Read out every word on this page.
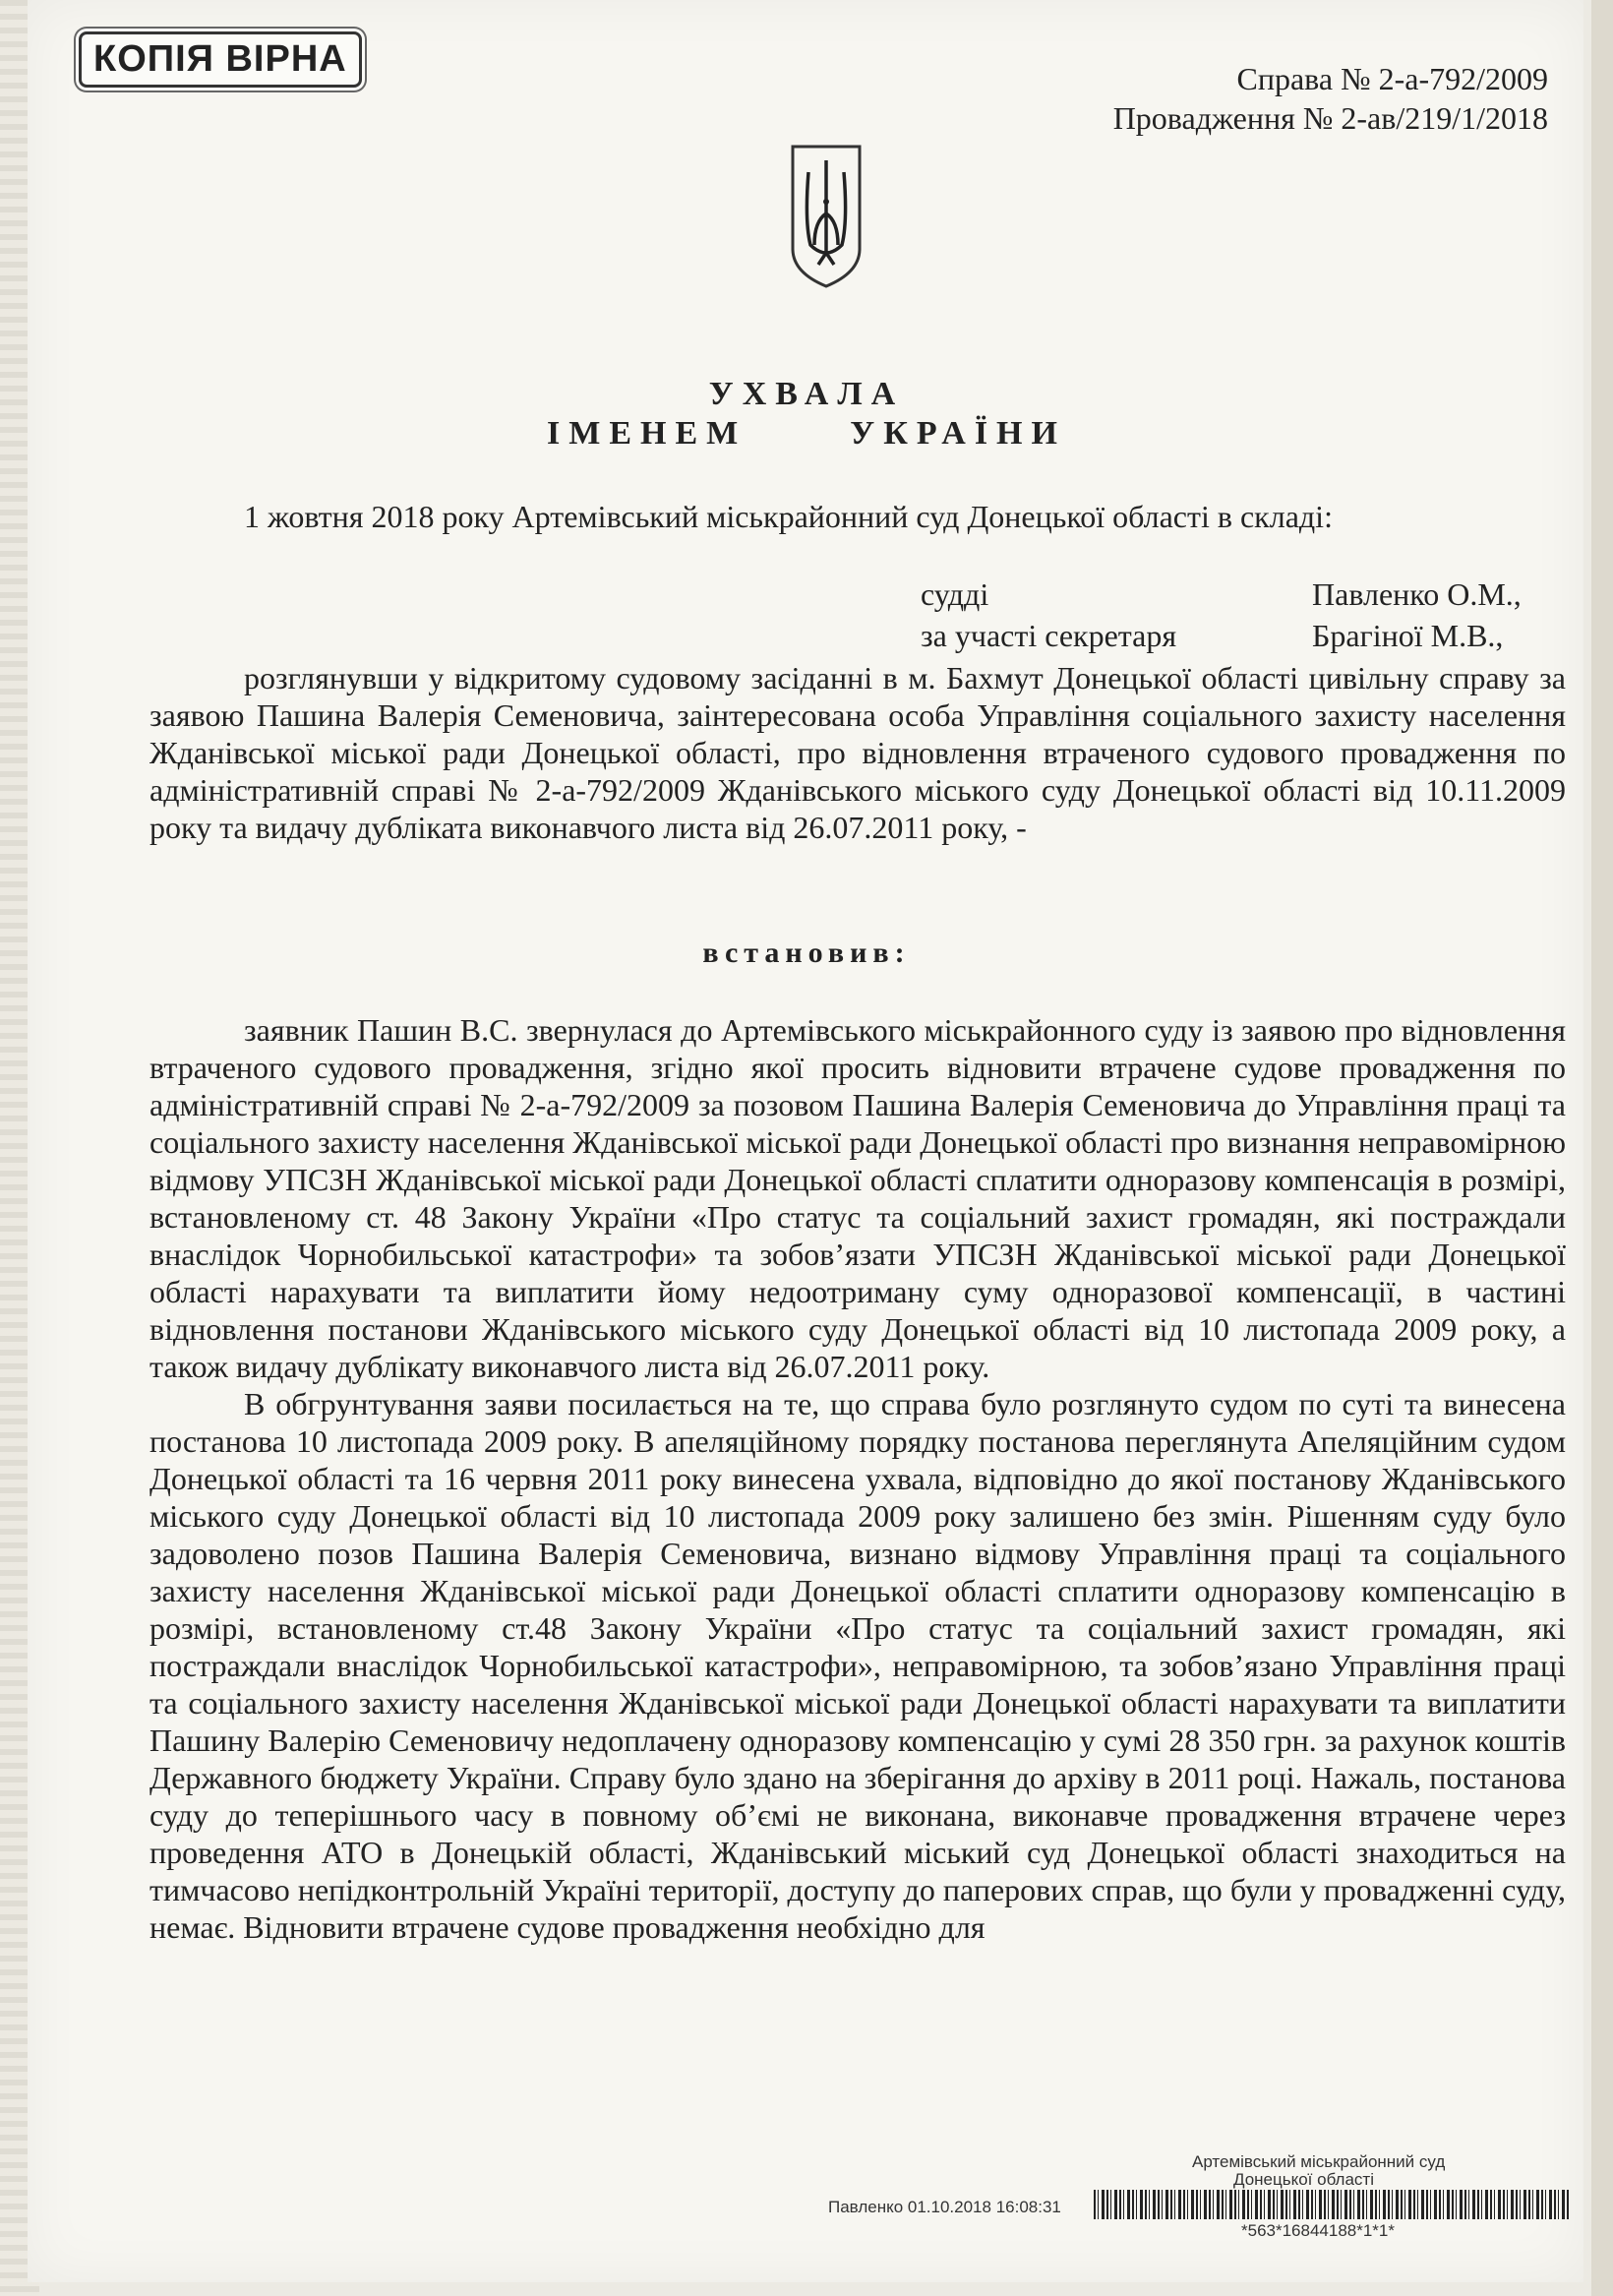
КОПІЯ ВІРНА	Справа № 2-а-792/2009
Провадження № 2-ав/219/1/2018
УХВАЛА
ІМЕНЕМ      УКРАЇНИ

1 жовтня 2018 року Артемівський міськрайонний суд Донецької області в складі:

судді	Павленко О.М.,
за участі секретаря	Брагіної М.В.,

розглянувши у відкритому судовому засіданні в м. Бахмут Донецької області цивільну справу за заявою Пашина Валерія Семеновича, заінтересована особа Управління соціального захисту населення Жданівської міської ради Донецької області, про відновлення втраченого судового провадження по адміністративній справі № 2-а-792/2009 Жданівського міського суду Донецької області від 10.11.2009 року та видачу дубліката виконавчого листа від 26.07.2011 року, -

встановив:

заявник Пашин В.С. звернулася до Артемівського міськрайонного суду із заявою про відновлення втраченого судового провадження, згідно якої просить відновити втрачене судове провадження по адміністративній справі № 2-а-792/2009 за позовом Пашина Валерія Семеновича до Управління праці та соціального захисту населення Жданівської міської ради Донецької області про визнання неправомірною відмову УПСЗН Жданівської міської ради Донецької області сплатити одноразову компенсація в розмірі, встановленому ст. 48 Закону України «Про статус та соціальний захист громадян, які постраждали внаслідок Чорнобильської катастрофи» та зобов’язати УПСЗН Жданівської міської ради Донецької області нарахувати та виплатити йому недоотриману суму одноразової компенсації, в частині відновлення постанови Жданівського міського суду Донецької області від 10 листопада 2009 року, а також видачу дублікату виконавчого листа від 26.07.2011 року.

В обгрунтування заяви посилається на те, що справа було розглянуто судом по суті та винесена постанова 10 листопада 2009 року. В апеляційному порядку постанова переглянута Апеляційним судом Донецької області та 16 червня 2011 року винесена ухвала, відповідно до якої постанову Жданівського міського суду Донецької області від 10 листопада 2009 року залишено без змін. Рішенням суду було задоволено позов Пашина Валерія Семеновича, визнано відмову Управління праці та соціального захисту населення Жданівської міської ради Донецької області сплатити одноразову компенсацію в розмірі, встановленому ст.48 Закону України «Про статус та соціальний захист громадян, які постраждали внаслідок Чорнобильської катастрофи», неправомірною, та зобов’язано Управління праці та соціального захисту населення Жданівської міської ради Донецької області нарахувати та виплатити Пашину Валерію Семеновичу недоплачену одноразову компенсацію у сумі 28 350 грн. за рахунок коштів Державного бюджету України. Справу було здано на зберігання до архіву в 2011 році. Нажаль, постанова суду до теперішнього часу в повному об’ємі не виконана, виконавче провадження втрачене через проведення АТО в Донецькій області, Жданівський міський суд Донецької області знаходиться на тимчасово непідконтрольній Україні території, доступу до паперових справ, що були у провадженні суду, немає. Відновити втрачене судове провадження необхідно для

Артемівський міськрайонний суд
Донецької області
Павленко 01.10.2018 16:08:31
*563*16844188*1*1*
